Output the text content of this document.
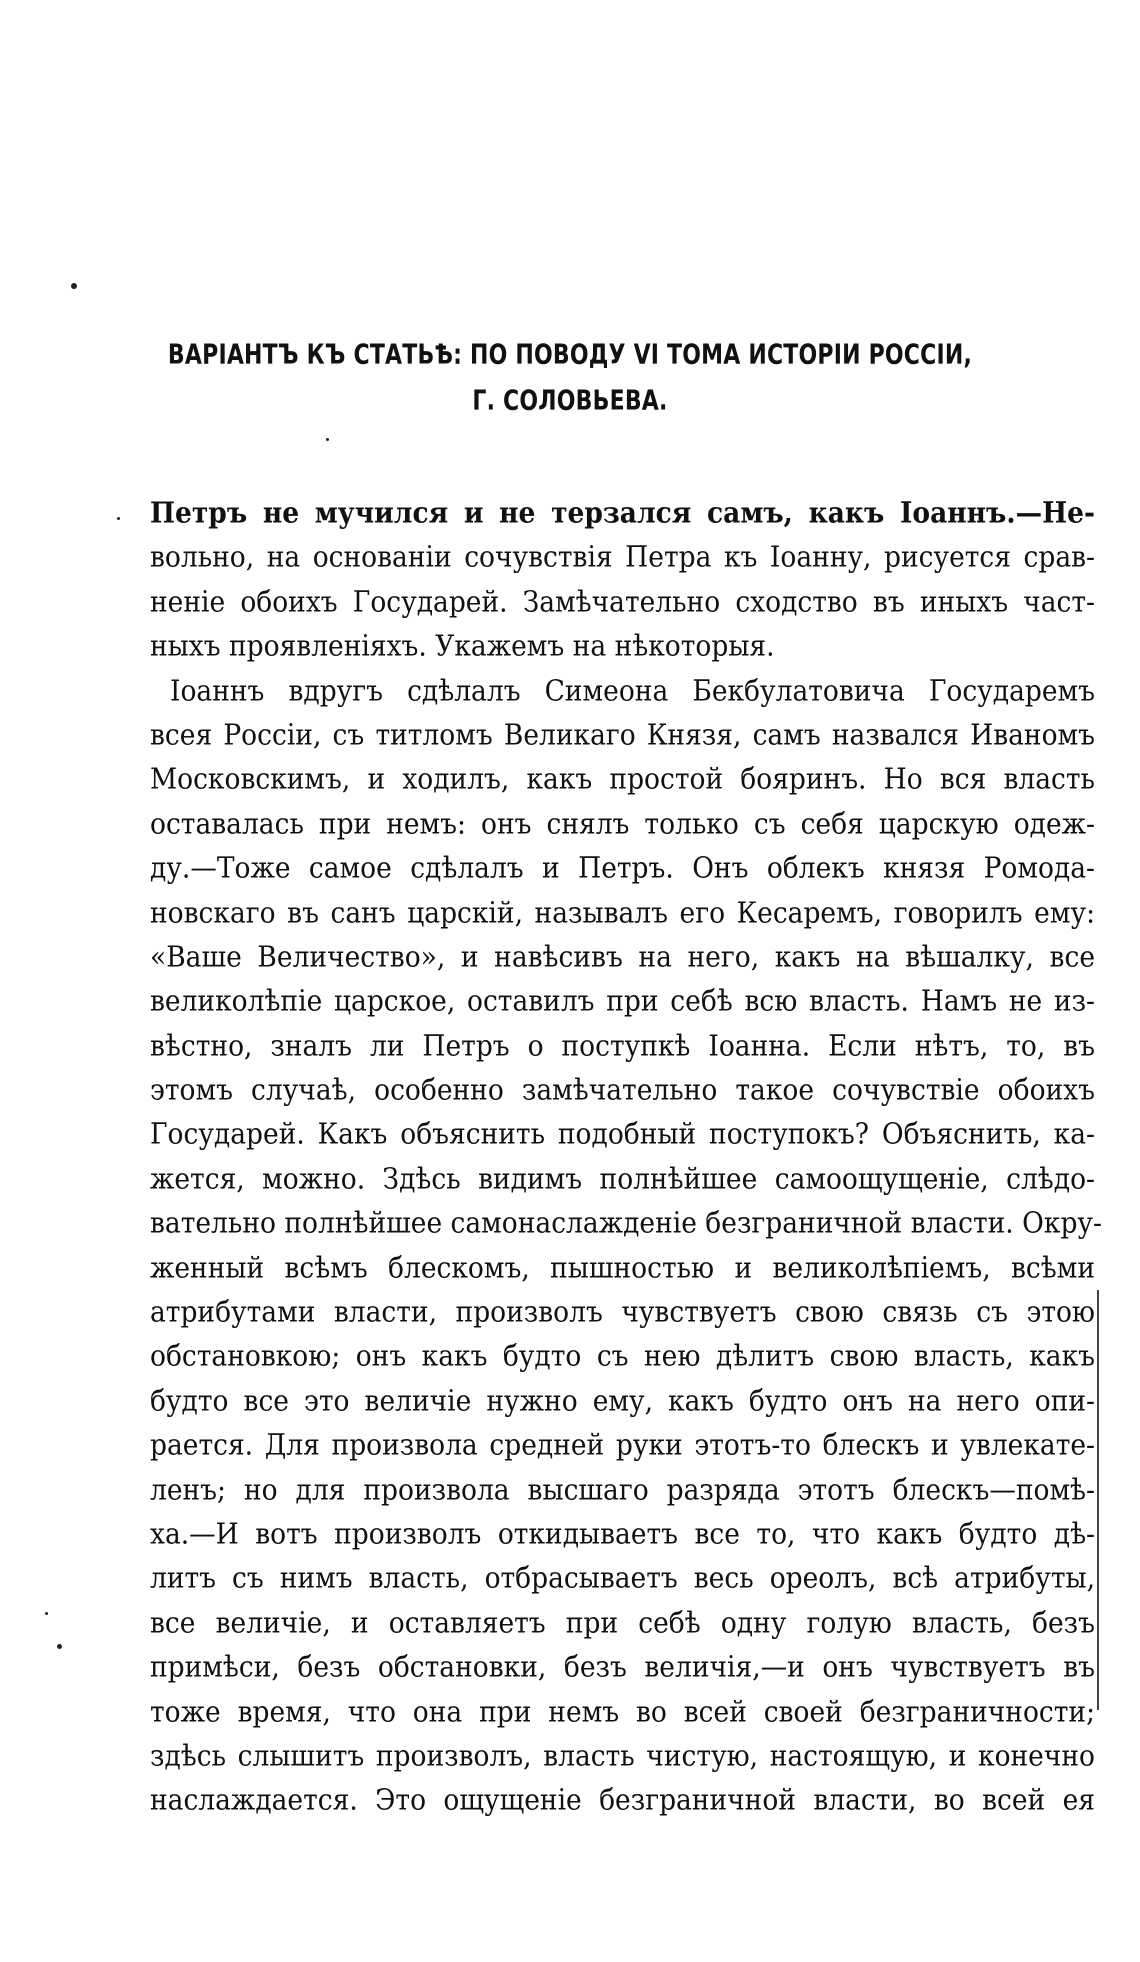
ВАРІАНТЪ КЪ СТАТЬѢ: ПО ПОВОДУ VI ТОМА ИСТОРІИ РОССІИ,
Г. СОЛОВЬЕВА.
Петръ не мучился и не терзался самъ, какъ Іоаннъ.—Не-
вольно, на основаніи сочувствія Петра къ Іоанну, рисуется срав-
неніе обоихъ Государей. Замѣчательно сходство въ иныхъ част-
ныхъ проявленіяхъ. Укажемъ на нѣкоторыя.
Іоаннъ вдругъ сдѣлалъ Симеона Бекбулатовича Государемъ
всея Россіи, съ титломъ Великаго Князя, самъ назвался Иваномъ
Московскимъ, и ходилъ, какъ простой бояринъ. Но вся власть
оставалась при немъ: онъ снялъ только съ себя царскую одеж-
ду.—Тоже самое сдѣлалъ и Петръ. Онъ облекъ князя Ромода-
новскаго въ санъ царскій, называлъ его Кесаремъ, говорилъ ему:
«Ваше Величество», и навѣсивъ на него, какъ на вѣшалку, все
великолѣпіе царское, оставилъ при себѣ всю власть. Намъ не из-
вѣстно, зналъ ли Петръ о поступкѣ Іоанна. Если нѣтъ, то, въ
этомъ случаѣ, особенно замѣчательно такое сочувствіе обоихъ
Государей. Какъ объяснить подобный поступокъ? Объяснить, ка-
жется, можно. Здѣсь видимъ полнѣйшее самоощущеніе, слѣдо-
вательно полнѣйшее самонаслажденіе безграничной власти. Окру-
женный всѣмъ блескомъ, пышностью и великолѣпіемъ, всѣми
атрибутами власти, произволъ чувствуетъ свою связь съ этою
обстановкою; онъ какъ будто съ нею дѣлитъ свою власть, какъ
будто все это величіе нужно ему, какъ будто онъ на него опи-
рается. Для произвола средней руки этотъ-то блескъ и увлекате-
ленъ; но для произвола высшаго разряда этотъ блескъ—помѣ-
ха.—И вотъ произволъ откидываетъ все то, что какъ будто дѣ-
литъ съ нимъ власть, отбрасываетъ весь ореолъ, всѣ атрибуты,
все величіе, и оставляетъ при себѣ одну голую власть, безъ
примѣси, безъ обстановки, безъ величія,—и онъ чувствуетъ въ
тоже время, что она при немъ во всей своей безграничности;
здѣсь слышитъ произволъ, власть чистую, настоящую, и конечно
наслаждается. Это ощущеніе безграничной власти, во всей ея
